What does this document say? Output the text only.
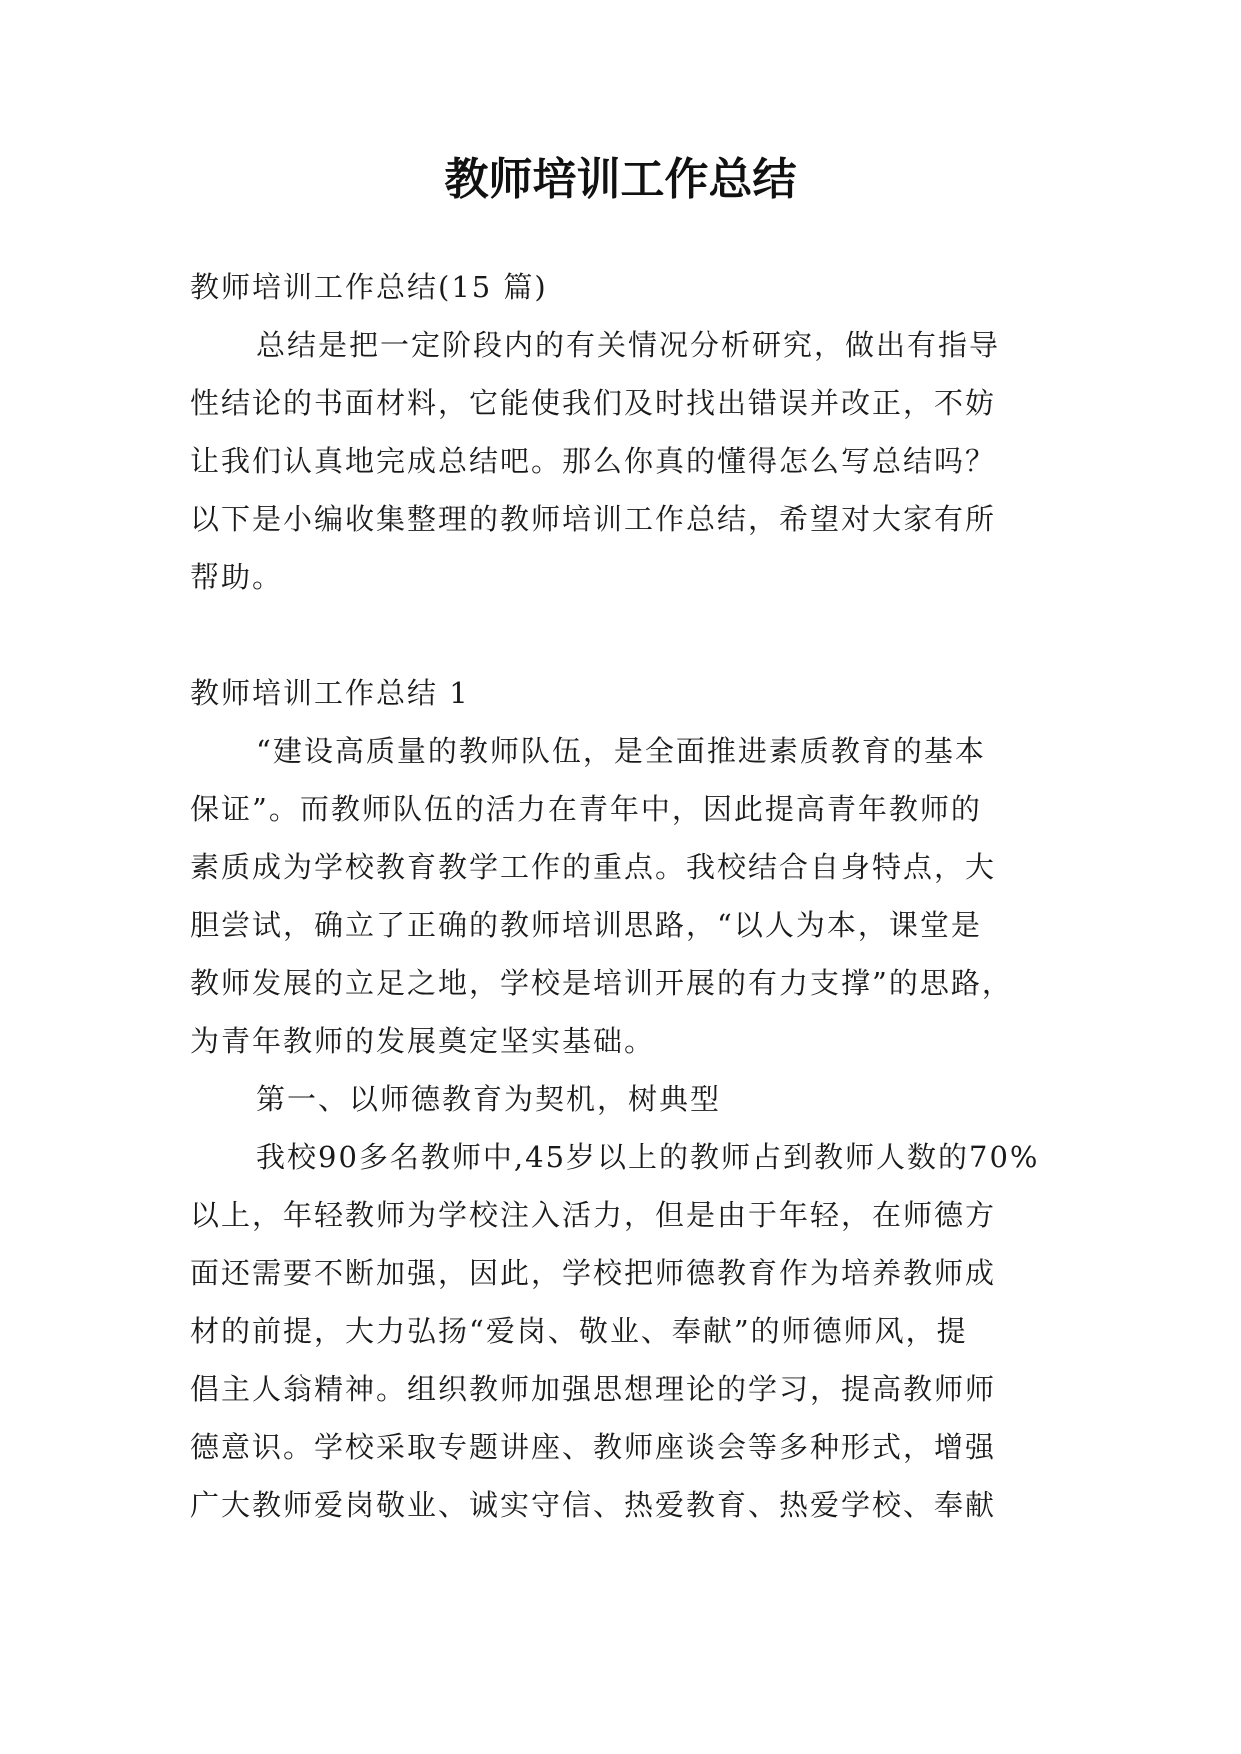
教师培训工作总结
教师培训工作总结(15 篇)
总结是把一定阶段内的有关情况分析研究，做出有指导
性结论的书面材料，它能使我们及时找出错误并改正，不妨
让我们认真地完成总结吧。那么你真的懂得怎么写总结吗？
以下是小编收集整理的教师培训工作总结，希望对大家有所
帮助。
教师培训工作总结 1
“建设高质量的教师队伍，是全面推进素质教育的基本
保证”。而教师队伍的活力在青年中，因此提高青年教师的
素质成为学校教育教学工作的重点。我校结合自身特点，大
胆尝试，确立了正确的教师培训思路，“以人为本，课堂是
教师发展的立足之地，学校是培训开展的有力支撑”的思路，
为青年教师的发展奠定坚实基础。
第一、以师德教育为契机，树典型
我校90多名教师中,45岁以上的教师占到教师人数的70%
以上，年轻教师为学校注入活力，但是由于年轻，在师德方
面还需要不断加强，因此，学校把师德教育作为培养教师成
材的前提，大力弘扬“爱岗、敬业、奉献”的师德师风，提
倡主人翁精神。组织教师加强思想理论的学习，提高教师师
德意识。学校采取专题讲座、教师座谈会等多种形式，增强
广大教师爱岗敬业、诚实守信、热爱教育、热爱学校、奉献
